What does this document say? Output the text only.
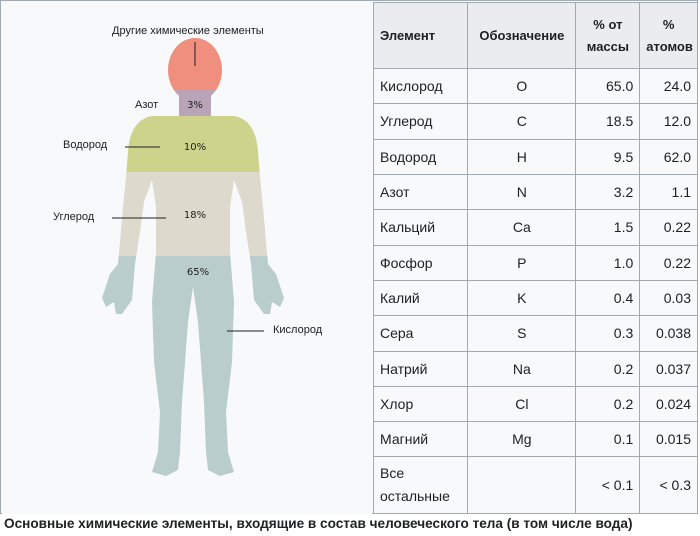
Другие химические элементы
Азот
Водород
Углерод
Кислород
3%
10%
18%
65%
Элемент	Обозначение	% от массы	% атомов
Кислород	O	65.0	24.0
Углерод	C	18.5	12.0
Водород	H	9.5	62.0
Азот	N	3.2	1.1
Кальций	Ca	1.5	0.22
Фосфор	P	1.0	0.22
Калий	K	0.4	0.03
Сера	S	0.3	0.038
Натрий	Na	0.2	0.037
Хлор	Cl	0.2	0.024
Магний	Mg	0.1	0.015
Все остальные		< 0.1	< 0.3
Основные химические элементы, входящие в состав человеческого тела (в том числе вода)
